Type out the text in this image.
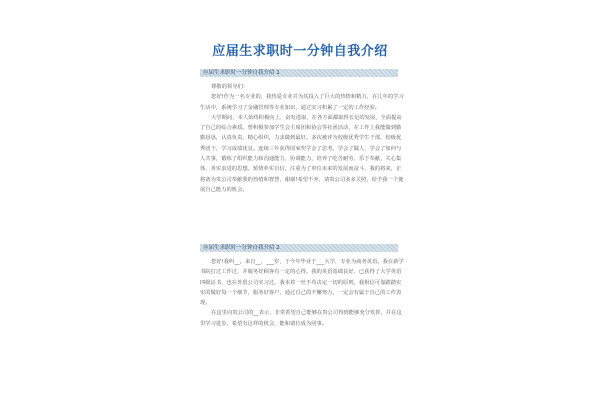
应届生求职时一分钟自我介绍
应届生求职时一分钟自我介绍 1

尊敬的领导们：

您好!作为一名专业的，我热爱专业并为其投入了巨大的热情和精力，在几年的学习生活中，系统学习了金融管理等专业知识，通过实习积累了一定的工作经验。

大学期间，本人始终积极向上、奋发进取，在各方面都取得长足的发展，全面提高了自己的综合素质。曾积极参加学生会主席团和协会等社团活动，在工作上我能做到勤勤恳恳，认真负责，精心组织，力求做到最好。多次被评为校级优秀学生干部，校级优秀团干，学习成绩优良。连续三年获得国家奖学金了思考。学会了做人，学会了如何与人共事，锻炼了组织能力和沟通能力，协调能力，培养了吃苦耐劳、乐于奉献，关心集体，务实求进的思想。矫情朴实自信，注重为了单位未来的发展而奋斗，我的将来，正将备为贵公司奉献我的热情和智慧，谢谢!希望不弃，请贵公司多多关照，给予我一个施展自己能力的机会。

应届生求职时一分钟自我介绍 2

您好!我叫__，来自__，___岁，于今年毕业于___大学，专业为商务英语。我在新学书院打过工作过，并服务好顾客有一定的心得。我的英语基础良好，已获得了大学英语四级证书，也在外贸公司实习过。我本着一丝不苟决定一切的原则，我相信可靠踏踏实实的做好每一个细节，服务好客户，通过自己的不懈努力，一定会有属于自己的工作表现。

在这里向贵公司的__表示，非常希望自己能够在贵公司得到能够充分发挥，并在这里学习进步，希望有这样的机会，能和诸位成为同事。
